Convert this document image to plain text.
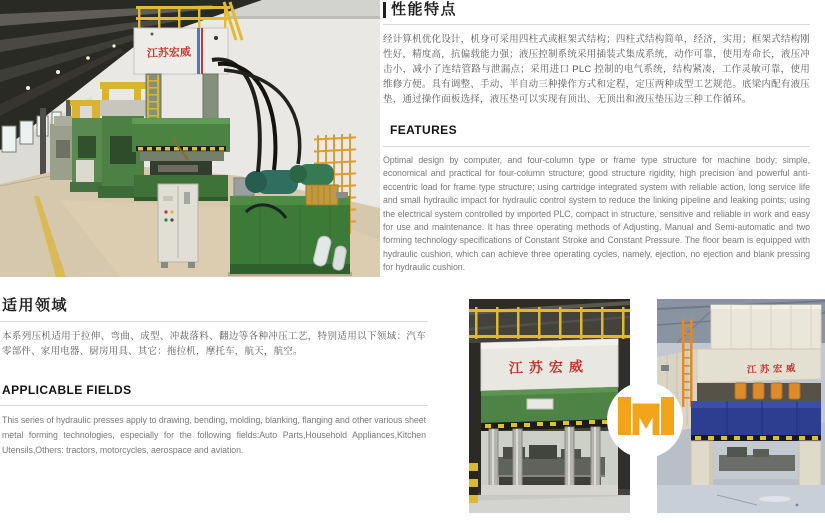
江苏宏威
性能特点

经计算机优化设计，机身可采用四柱式或框架式结构；四柱式结构简单，经济，实用；框架式结构刚性好，精度高，抗偏载能力强；液压控制系统采用插装式集成系统，动作可靠，使用寿命长，液压冲击小，减小了连结管路与泄漏点；采用进口 PLC 控制的电气系统，结构紧凑，工作灵敏可靠，使用维修方便。具有调整、手动、半自动三种操作方式和定程，定压两种成型工艺规范。底梁内配有液压垫，通过操作面板选择，液压垫可以实现有顶出、无顶出和液压垫压边三种工作循环。

FEATURES

Optimal design by computer, and four-column type or frame type structure for machine body; simple, economical and practical for four-column structure; good structure rigidity, high precision and powerful anti-eccentric load for frame type structure; using cartridge integrated system with reliable action, long service life and small hydraulic impact for hydraulic control system to reduce the linking pipeline and leaking points; using the electrical system controlled by imported PLC, compact in structure, sensitive and reliable in work and easy for use and maintenance. It has three operating methods of Adjusting, Manual and Semi-automatic and two forming technology specifications of Constant Stroke and Constant Pressure. The floor beam is equipped with hydraulic cushion, which can achieve three operating cycles, namely, ejection, no ejection and blank pressing for hydraulic cushion.

适用领域

本系列压机适用于拉伸、弯曲、成型、冲裁落料、翻边等各种冲压工艺，特别适用以下领域：汽车零部件、家用电器、厨房用具、其它：拖拉机，摩托车，航天，航空。

APPLICABLE FIELDS

This series of hydraulic presses apply to drawing, bending, molding, blanking, flanging and other various sheet metal forming technologies, especially for the following fields:Auto Parts,Household Appliances,Kitchen Utensils,Others: tractors, motorcycles, aerospace and aviation.

江苏宏威	江苏宏威
